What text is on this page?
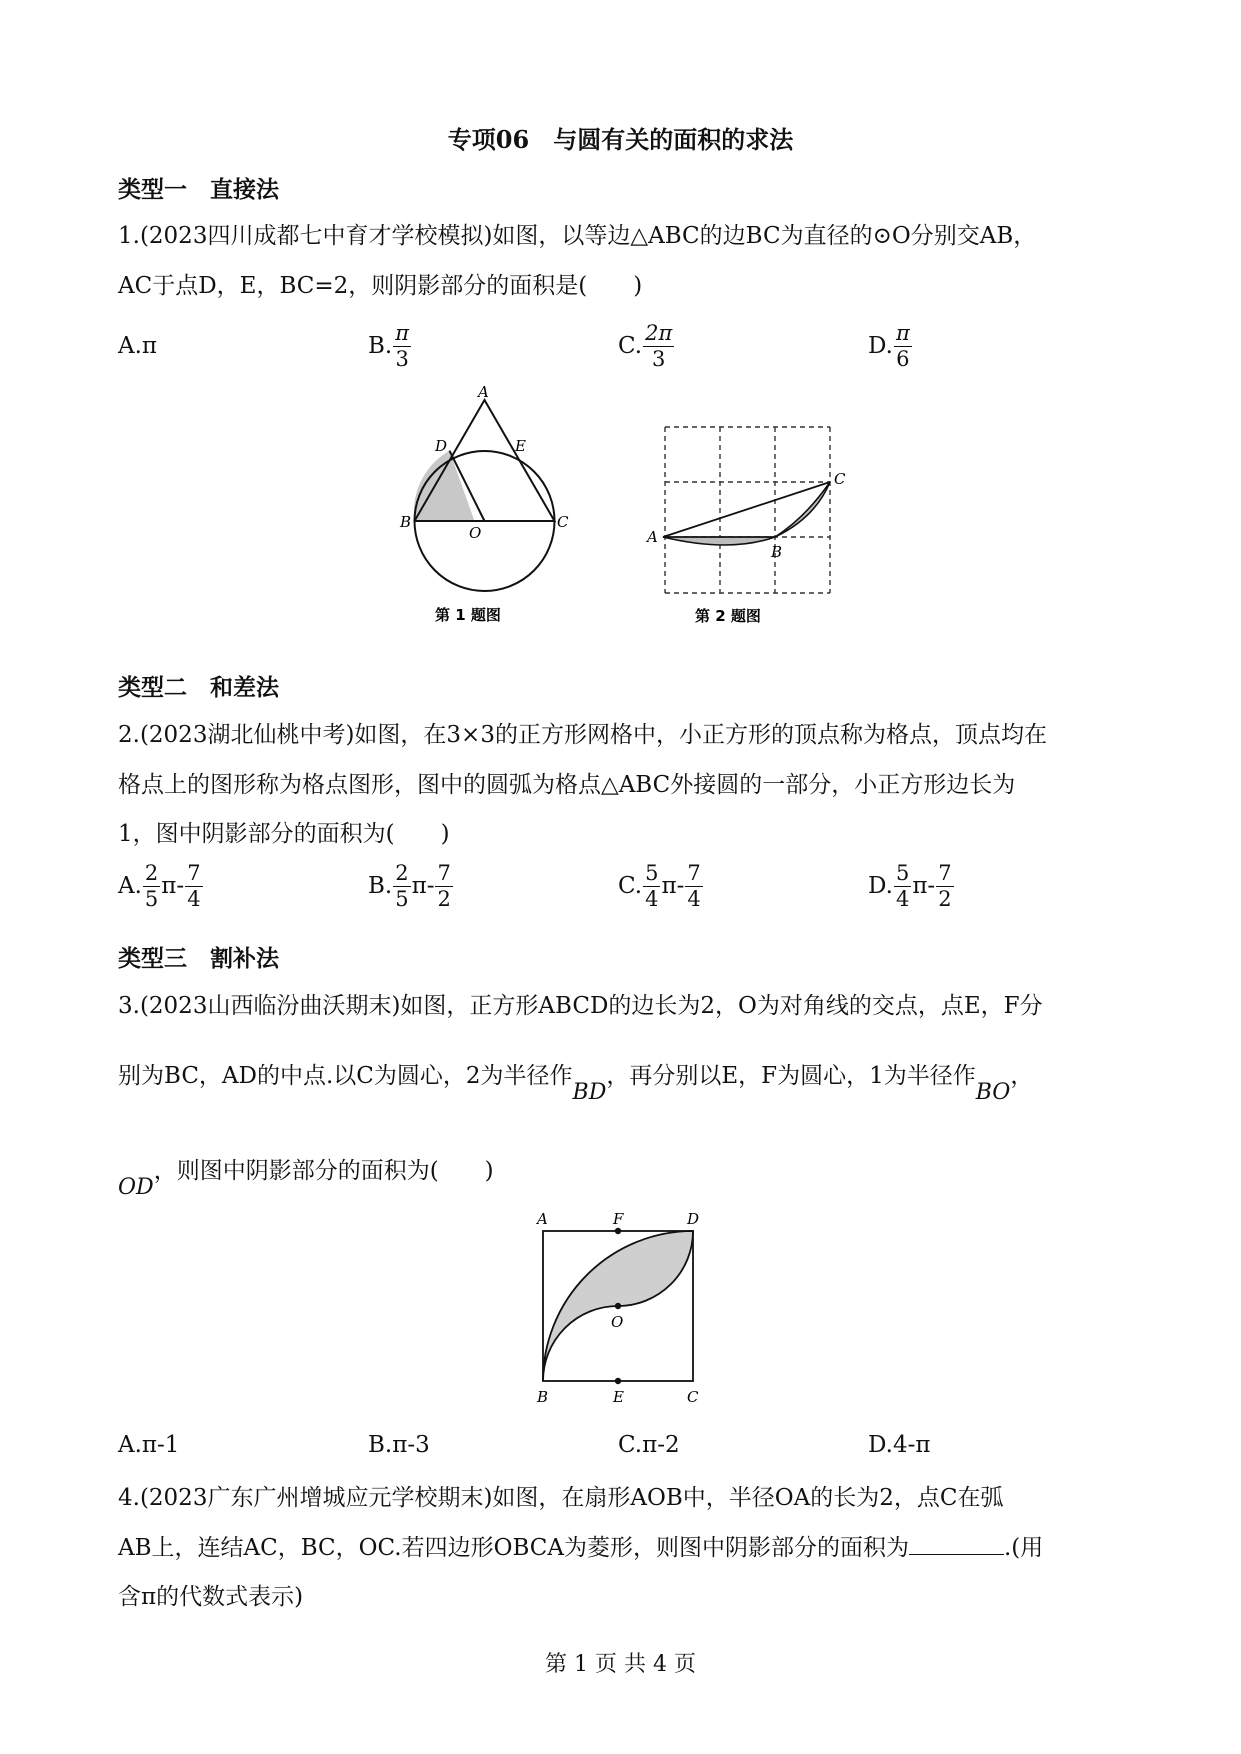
专项06　与圆有关的面积的求法
类型一　直接法
1.(2023四川成都七中育才学校模拟)如图，以等边△ABC的边BC为直径的⊙O分别交AB，
AC于点D，E，BC=2，则阴影部分的面积是(　　)
A. π	B. $\frac{\pi}{3}$	C. $\frac{2\pi}{3}$	D. $\frac{\pi}{6}$
A
D	E
B
O
C
第 1 题图
C
A
B
第 2 题图
类型二　和差法
2.(2023湖北仙桃中考)如图，在3×3的正方形网格中，小正方形的顶点称为格点，顶点均在
格点上的图形称为格点图形，图中的圆弧为格点△ABC外接圆的一部分，小正方形边长为
1，图中阴影部分的面积为(　　)
A. $\frac{2}{5} \pi- \frac{7}{4}$	B. $\frac{2}{5} \pi- \frac{7}{2}$	C. $\frac{5}{4} \pi- \frac{7}{4}$	D. $\frac{5}{4} \pi- \frac{7}{2}$
类型三　割补法
3.(2023山西临汾曲沃期末)如图，正方形ABCD的边长为2，O为对角线的交点，点E，F分
别为BC，AD的中点.以C为圆心，2为半径作BD，再分别以E，F为圆心，1为半径作BO，
OD，则图中阴影部分的面积为(　　)
A	F	D
O
B	E	C
A.π-1	B.π-3	C.π-2	D.4-π
4.(2023广东广州增城应元学校期末)如图，在扇形AOB中，半径OA的长为2，点C在弧
AB上，连结AC，BC，OC.若四边形OBCA为菱形，则图中阴影部分的面积为	.(用
含π的代数式表示)
第 1 页 共 4 页
